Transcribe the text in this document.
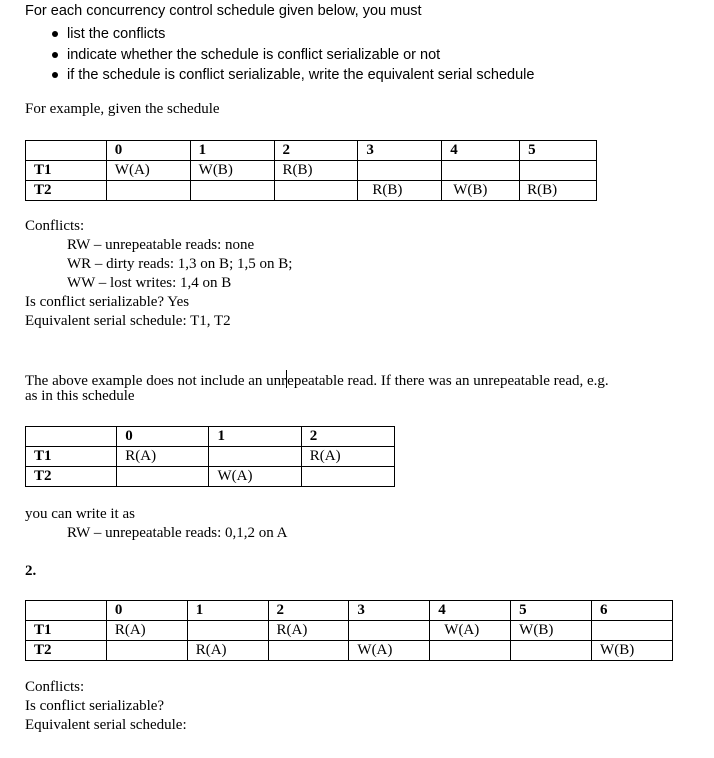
For each concurrency control schedule given below, you must
list the conflicts
indicate whether the schedule is conflict serializable or not
if the schedule is conflict serializable, write the equivalent serial schedule
For example, given the schedule
	0	1	2	3	4	5
T1	W(A)	W(B)	R(B)			
T2				R(B)	W(B)	R(B)
Conflicts:
RW – unrepeatable reads: none
WR – dirty reads: 1,3 on B; 1,5 on B;
WW – lost writes: 1,4 on B
Is conflict serializable? Yes
Equivalent serial schedule: T1, T2
The above example does not include an unrepeatable read. If there was an unrepeatable read, e.g.
as in this schedule
	0	1	2
T1	R(A)		R(A)
T2		W(A)	
you can write it as
RW – unrepeatable reads: 0,1,2 on A
2.
	0	1	2	3	4	5	6
T1	R(A)		R(A)		W(A)	W(B)	
T2		R(A)		W(A)			W(B)
Conflicts:
Is conflict serializable?
Equivalent serial schedule:
